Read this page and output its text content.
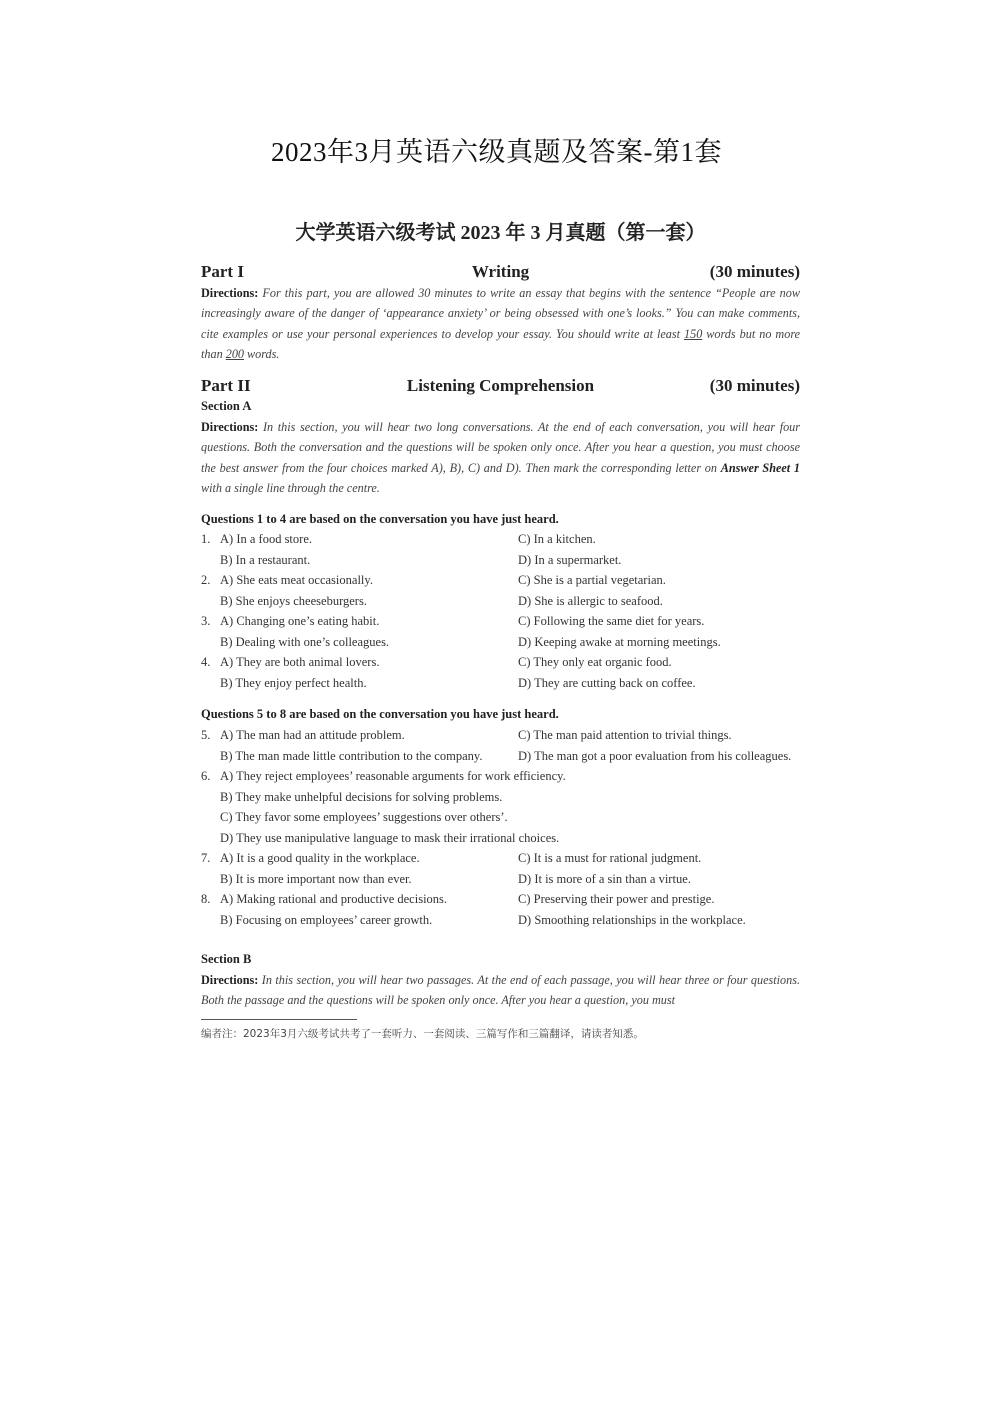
2023年3月英语六级真题及答案-第1套
大学英语六级考试 2023 年 3 月真题（第一套）
Writing
Part I	(30 minutes)
Directions: For this part, you are allowed 30 minutes to write an essay that begins with the sentence “People are now increasingly aware of the danger of ‘appearance anxiety’ or being obsessed with one’s looks.” You can make comments, cite examples or use your personal experiences to develop your essay. You should write at least 150 words but no more than 200 words.
Listening Comprehension
Part II	(30 minutes)
Section A
Directions: In this section, you will hear two long conversations. At the end of each conversation, you will hear four questions. Both the conversation and the questions will be spoken only once. After you hear a question, you must choose the best answer from the four choices marked A), B), C) and D). Then mark the corresponding letter on Answer Sheet 1 with a single line through the centre.
Questions 1 to 4 are based on the conversation you have just heard.
1. A) In a food store.	C) In a kitchen.
B) In a restaurant.	D) In a supermarket.
2. A) She eats meat occasionally.	C) She is a partial vegetarian.
B) She enjoys cheeseburgers.	D) She is allergic to seafood.
3. A) Changing one’s eating habit.	C) Following the same diet for years.
B) Dealing with one’s colleagues.	D) Keeping awake at morning meetings.
4. A) They are both animal lovers.	C) They only eat organic food.
B) They enjoy perfect health.	D) They are cutting back on coffee.
Questions 5 to 8 are based on the conversation you have just heard.
5. A) The man had an attitude problem.	C) The man paid attention to trivial things.
B) The man made little contribution to the company.	D) The man got a poor evaluation from his colleagues.
6. A) They reject employees’ reasonable arguments for work efficiency.
B) They make unhelpful decisions for solving problems.
C) They favor some employees’ suggestions over others’.
D) They use manipulative language to mask their irrational choices.
7. A) It is a good quality in the workplace.	C) It is a must for rational judgment.
B) It is more important now than ever.	D) It is more of a sin than a virtue.
8. A) Making rational and productive decisions.	C) Preserving their power and prestige.
B) Focusing on employees’ career growth.	D) Smoothing relationships in the workplace.
Section B
Directions: In this section, you will hear two passages. At the end of each passage, you will hear three or four questions. Both the passage and the questions will be spoken only once. After you hear a question, you must
编者注：2023年3月六级考试共考了一套听力、一套阅读、三篇写作和三篇翻译，请读者知悉。
